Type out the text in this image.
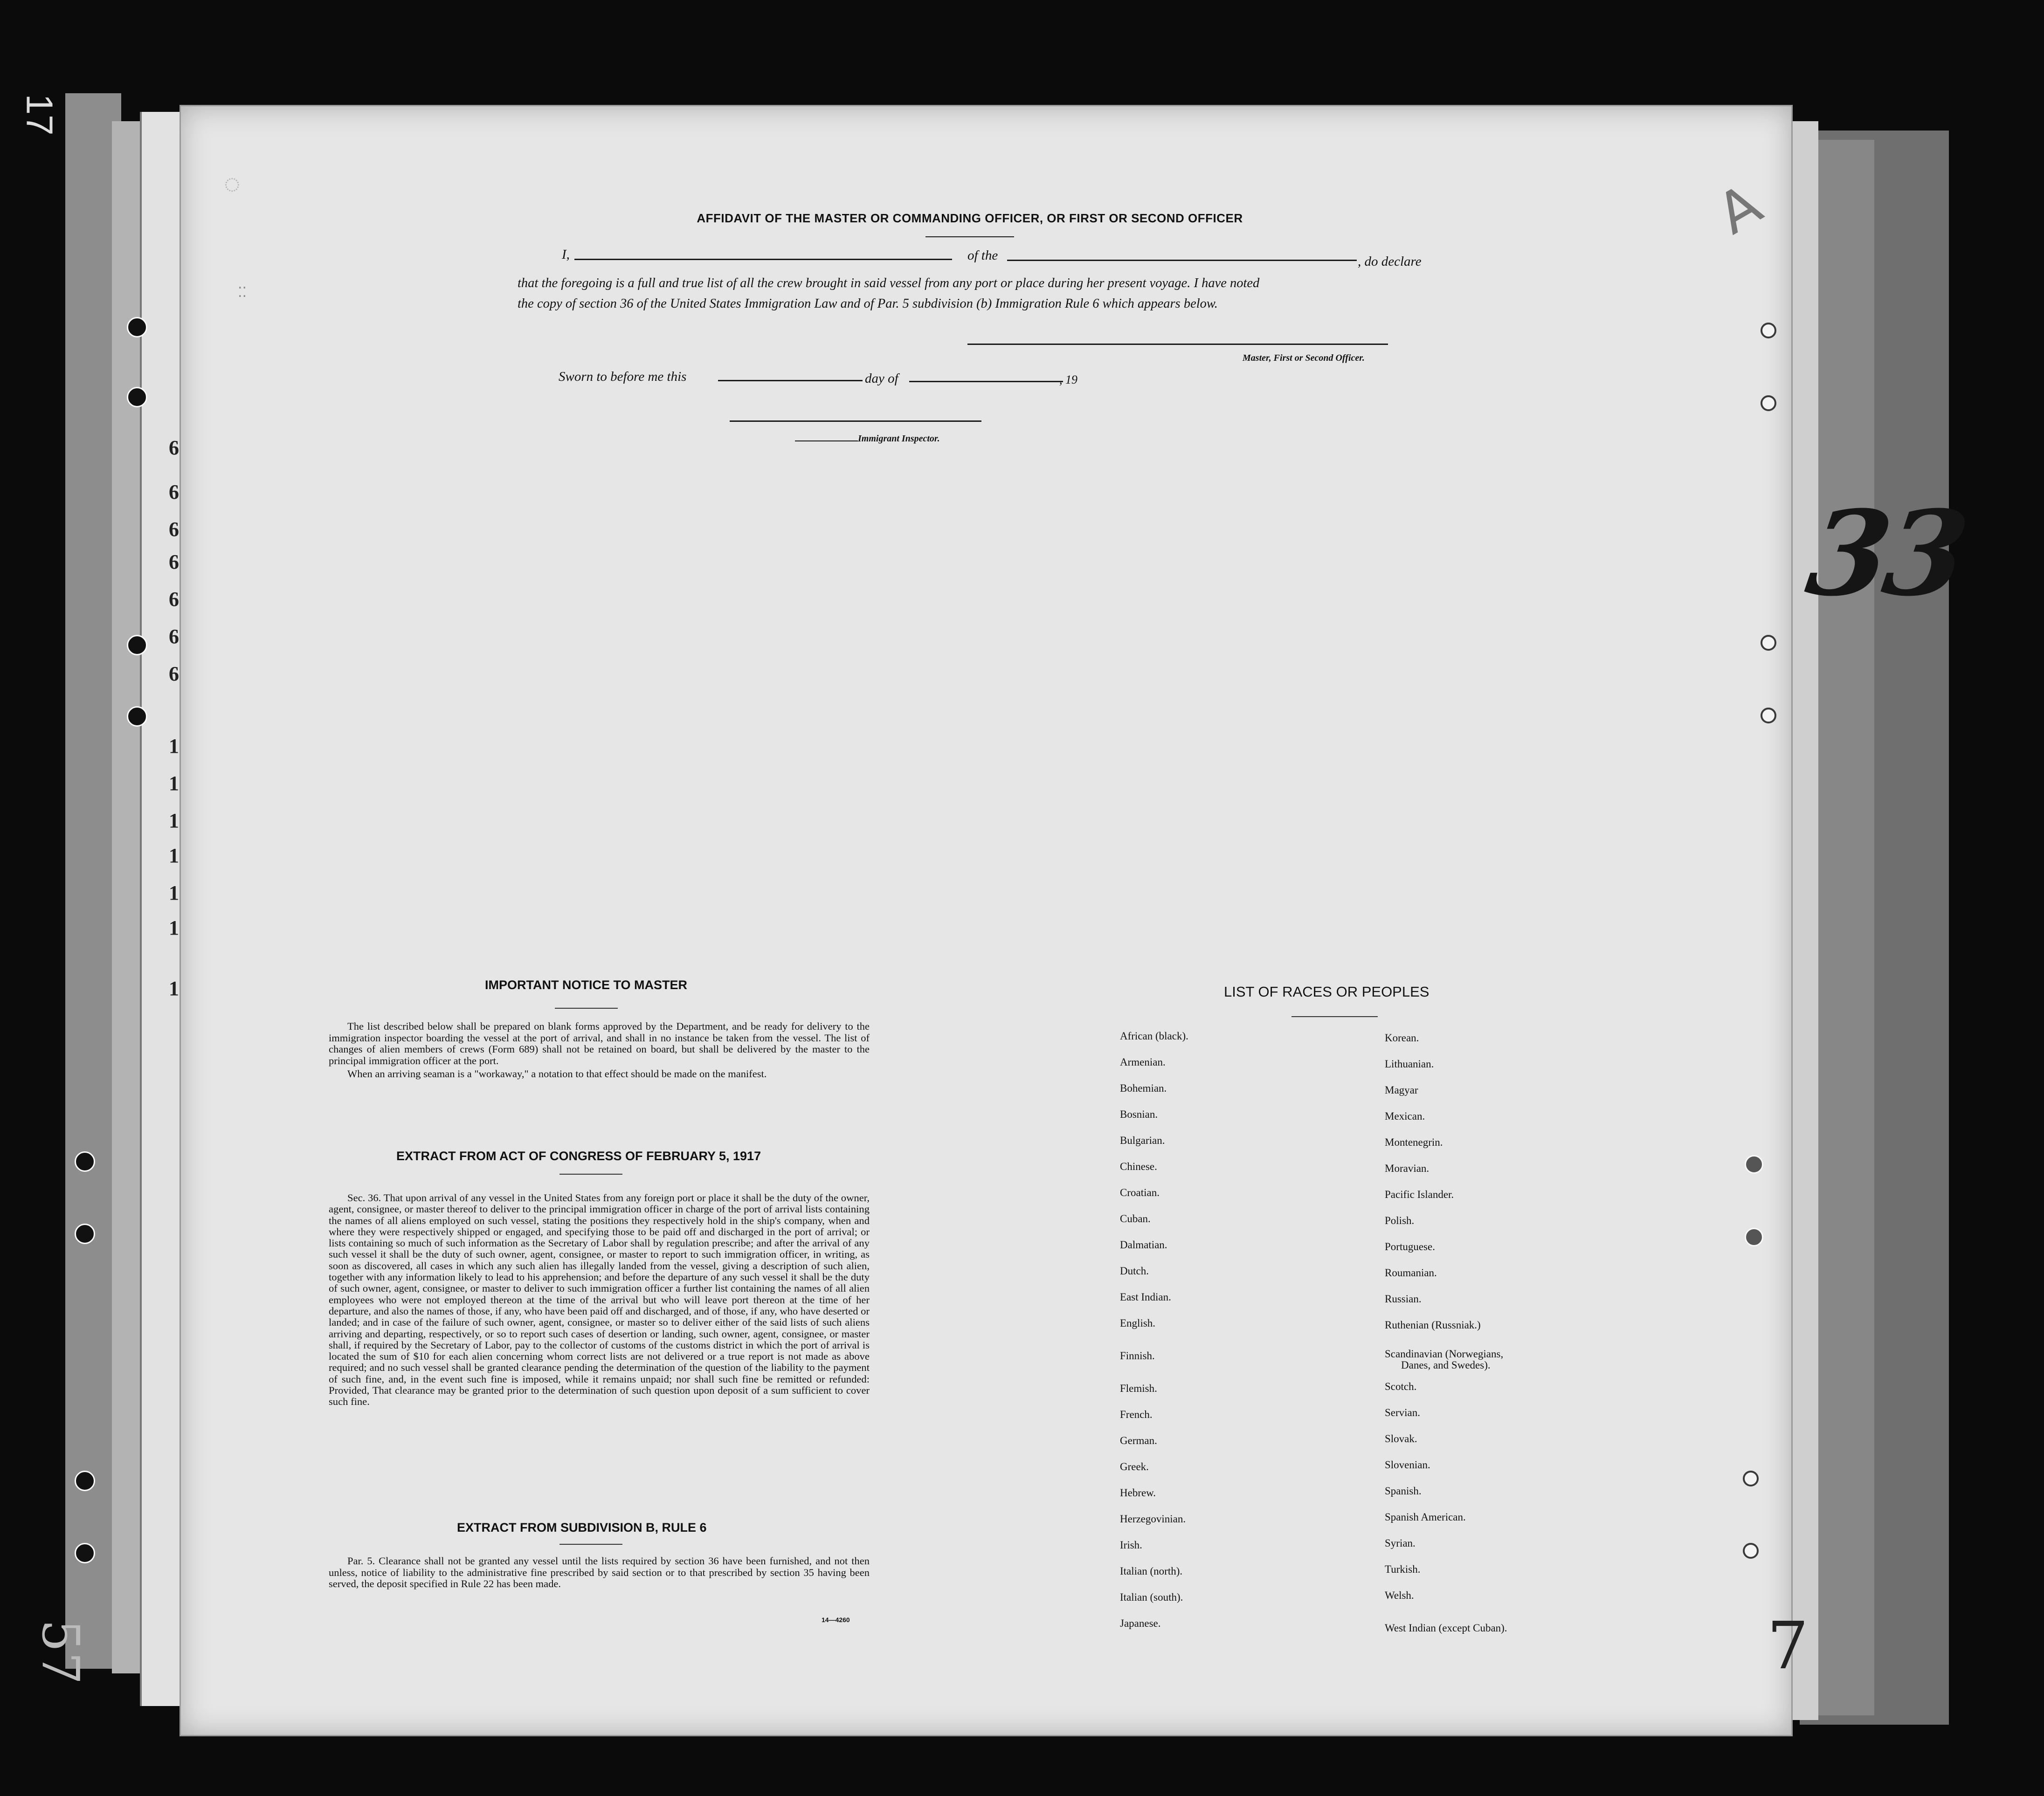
6
6
6
6
6
6
6
1
1
1
1
1
1
1
33
A
7
57
17
⁚⁚
◌
AFFIDAVIT OF THE MASTER OR COMMANDING OFFICER, OR FIRST OR SECOND OFFICER
I,	of the	, do declare
that the foregoing is a full and true list of all the crew brought in said vessel from any port or place during her present voyage. I have noted
the copy of section 36 of the United States Immigration Law and of Par. 5 subdivision (b) Immigration Rule 6 which appears below.
Master, First or Second Officer.
Sworn to before me this	day of	, 19
Immigrant Inspector.
IMPORTANT NOTICE TO MASTER

The list described below shall be prepared on blank forms approved by the Department, and be ready for delivery to the immigration inspector boarding the vessel at the port of arrival, and shall in no instance be taken from the vessel. The list of changes of alien members of crews (Form 689) shall not be retained on board, but shall be delivered by the master to the principal immigration officer at the port.

When an arriving seaman is a "workaway," a notation to that effect should be made on the manifest.

EXTRACT FROM ACT OF CONGRESS OF FEBRUARY 5, 1917

Sec. 36. That upon arrival of any vessel in the United States from any foreign port or place it shall be the duty of the owner, agent, consignee, or master thereof to deliver to the principal immigration officer in charge of the port of arrival lists containing the names of all aliens employed on such vessel, stating the positions they respectively hold in the ship's company, when and where they were respectively shipped or engaged, and specifying those to be paid off and discharged in the port of arrival; or lists containing so much of such information as the Secretary of Labor shall by regulation prescribe; and after the arrival of any such vessel it shall be the duty of such owner, agent, consignee, or master to report to such immigration officer, in writing, as soon as discovered, all cases in which any such alien has illegally landed from the vessel, giving a description of such alien, together with any information likely to lead to his apprehension; and before the departure of any such vessel it shall be the duty of such owner, agent, consignee, or master to deliver to such immigration officer a further list containing the names of all alien employees who were not employed thereon at the time of the arrival but who will leave port thereon at the time of her departure, and also the names of those, if any, who have been paid off and discharged, and of those, if any, who have deserted or landed; and in case of the failure of such owner, agent, consignee, or master so to deliver either of the said lists of such aliens arriving and departing, respectively, or so to report such cases of desertion or landing, such owner, agent, consignee, or master shall, if required by the Secretary of Labor, pay to the collector of customs of the customs district in which the port of arrival is located the sum of $10 for each alien concerning whom correct lists are not delivered or a true report is not made as above required; and no such vessel shall be granted clearance pending the determination of the question of the liability to the payment of such fine, and, in the event such fine is imposed, while it remains unpaid; nor shall such fine be remitted or refunded: Provided, That clearance may be granted prior to the determination of such question upon deposit of a sum sufficient to cover such fine.

EXTRACT FROM SUBDIVISION B, RULE 6

Par. 5. Clearance shall not be granted any vessel until the lists required by section 36 have been furnished, and not then unless, notice of liability to the administrative fine prescribed by said section or to that prescribed by section 35 having been served, the deposit specified in Rule 22 has been made.

14—4260
LIST OF RACES OR PEOPLES
African (black).
Armenian.
Bohemian.
Bosnian.
Bulgarian.
Chinese.
Croatian.
Cuban.
Dalmatian.
Dutch.
East Indian.
English.
Finnish.
Flemish.
French.
German.
Greek.
Hebrew.
Herzegovinian.
Irish.
Italian (north).
Italian (south).
Japanese.
Korean.
Lithuanian.
Magyar
Mexican.
Montenegrin.
Moravian.
Pacific Islander.
Polish.
Portuguese.
Roumanian.
Russian.
Ruthenian (Russniak.)
Scandinavian (Norwegians,
Scotch.
Servian.
Slovak.
Slovenian.
Spanish.
Spanish American.
Syrian.
Turkish.
Welsh.
West Indian (except Cuban).
Danes, and Swedes).
